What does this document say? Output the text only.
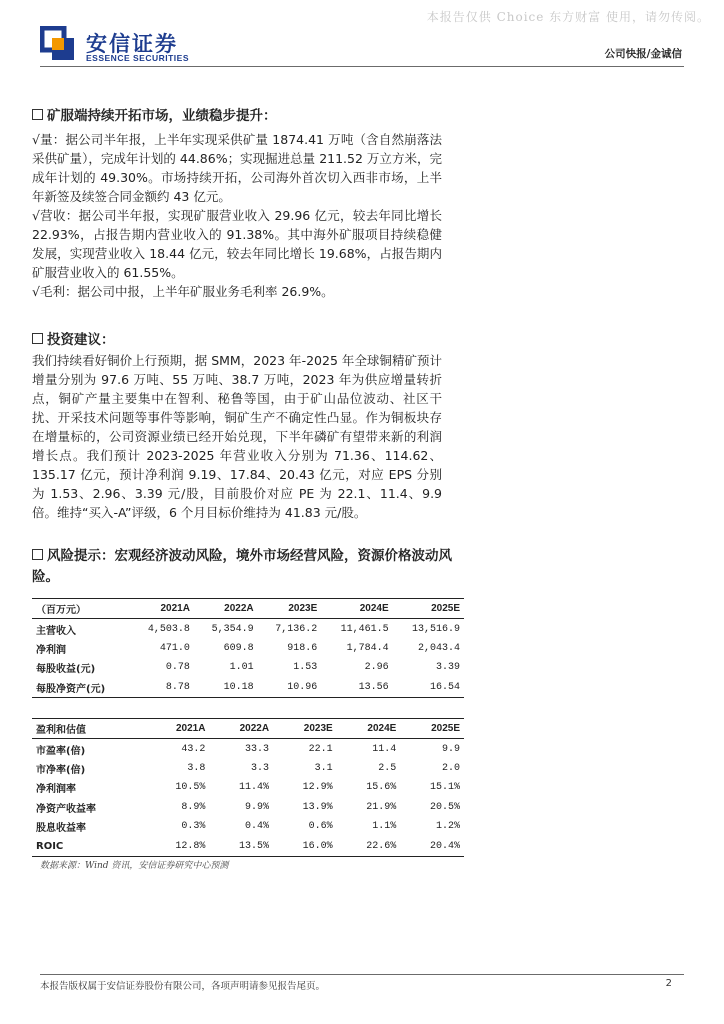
本报告仅供 Choice 东方财富 使用，请勿传阅。
安信证券
ESSENCE SECURITIES	公司快报/金诚信
矿服端持续开拓市场，业绩稳步提升：

√量：据公司半年报，上半年实现采供矿量 1874.41 万吨（含自然崩落法采供矿量），完成年计划的 44.86%；实现掘进总量 211.52 万立方米，完成年计划的 49.30%。市场持续开拓，公司海外首次切入西非市场，上半年新签及续签合同金额约 43 亿元。

√营收：据公司半年报，实现矿服营业收入 29.96 亿元，较去年同比增长 22.93%，占报告期内营业收入的 91.38%。其中海外矿服项目持续稳健发展，实现营业收入 18.44 亿元，较去年同比增长 19.68%，占报告期内矿服营业收入的 61.55%。

√毛利：据公司中报，上半年矿服业务毛利率 26.9%。

投资建议：

我们持续看好铜价上行预期，据 SMM，2023 年-2025 年全球铜精矿预计增量分别为 97.6 万吨、55 万吨、38.7 万吨，2023 年为供应增量转折点，铜矿产量主要集中在智利、秘鲁等国，由于矿山品位波动、社区干扰、开采技术问题等事件等影响，铜矿生产不确定性凸显。作为铜板块存在增量标的，公司资源业绩已经开始兑现，下半年磷矿有望带来新的利润增长点。我们预计 2023-2025 年营业收入分别为 71.36、114.62、135.17 亿元，预计净利润 9.19、17.84、20.43 亿元，对应 EPS 分别为 1.53、2.96、3.39 元/股，目前股价对应 PE 为 22.1、11.4、9.9 倍。维持“买入-A”评级，6 个月目标价维持为 41.83 元/股。

风险提示：宏观经济波动风险，境外市场经营风险，资源价格波动风险。
（百万元）	2021A	2022A	2023E	2024E	2025E
主营收入	4,503.8	5,354.9	7,136.2	11,461.5	13,516.9
净利润	471.0	609.8	918.6	1,784.4	2,043.4
每股收益(元)	0.78	1.01	1.53	2.96	3.39
每股净资产(元)	8.78	10.18	10.96	13.56	16.54
盈利和估值	2021A	2022A	2023E	2024E	2025E
市盈率(倍)	43.2	33.3	22.1	11.4	9.9
市净率(倍)	3.8	3.3	3.1	2.5	2.0
净利润率	10.5%	11.4%	12.9%	15.6%	15.1%
净资产收益率	8.9%	9.9%	13.9%	21.9%	20.5%
股息收益率	0.3%	0.4%	0.6%	1.1%	1.2%
ROIC	12.8%	13.5%	16.0%	22.6%	20.4%
数据来源：Wind 资讯，安信证券研究中心预测
本报告版权属于安信证券股份有限公司，各项声明请参见报告尾页。	2
